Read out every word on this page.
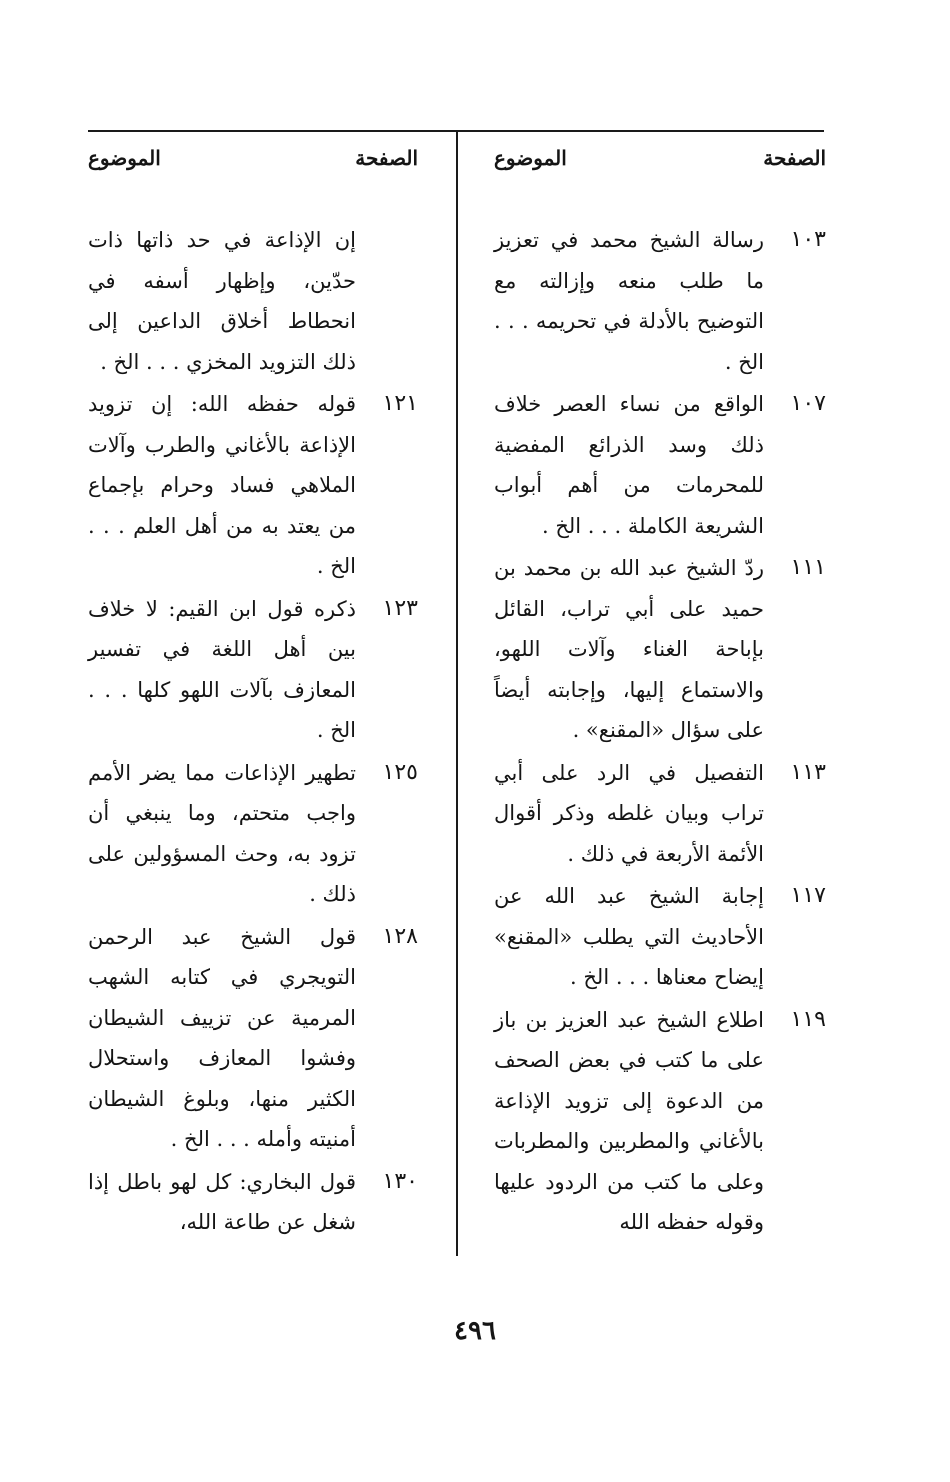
الصفحة
الموضوع
١٠٣
رسالة الشيخ محمد في تعزيز ما طلب منعه وإزالته مع التوضيح بالأدلة في تحريمه . . . الخ .
١٠٧
الواقع من نساء العصر خلاف ذلك وسد الذرائع المفضية للمحرمات من أهم أبواب الشريعة الكاملة . . . الخ .
١١١
ردّ الشيخ عبد الله بن محمد بن حميد على أبي تراب، القائل بإباحة الغناء وآلات اللهو، والاستماع إليها، وإجابته أيضاً على سؤال «المقنع» .
١١٣
التفصيل في الرد على أبي تراب وبيان غلطه وذكر أقوال الأئمة الأربعة في ذلك .
١١٧
إجابة الشيخ عبد الله عن الأحاديث التي يطلب «المقنع» إيضاح معناها . . . الخ .
١١٩
اطلاع الشيخ عبد العزيز بن باز على ما كتب في بعض الصحف من الدعوة إلى تزويد الإذاعة بالأغاني والمطربين والمطربات وعلى ما كتب من الردود عليها وقوله حفظه الله
الصفحة
الموضوع
إن الإذاعة في حد ذاتها ذات حدّين، وإظهار أسفه في انحطاط أخلاق الداعين إلى ذلك التزويد المخزي . . . الخ .
١٢١
قوله حفظه الله: إن تزويد الإذاعة بالأغاني والطرب وآلات الملاهي فساد وحرام بإجماع من يعتد به من أهل العلم . . . الخ .
١٢٣
ذكره قول ابن القيم: لا خلاف بين أهل اللغة في تفسير المعازف بآلات اللهو كلها . . . الخ .
١٢٥
تطهير الإذاعات مما يضر الأمم واجب متحتم، وما ينبغي أن تزود به، وحث المسؤولين على ذلك .
١٢٨
قول الشيخ عبد الرحمن التويجري في كتابه الشهب المرمية عن تزييف الشيطان وفشوا المعازف واستحلال الكثير منها، وبلوغ الشيطان أمنيته وأمله . . . الخ .
١٣٠
قول البخاري: كل لهو باطل إذا شغل عن طاعة الله،
٤٩٦
